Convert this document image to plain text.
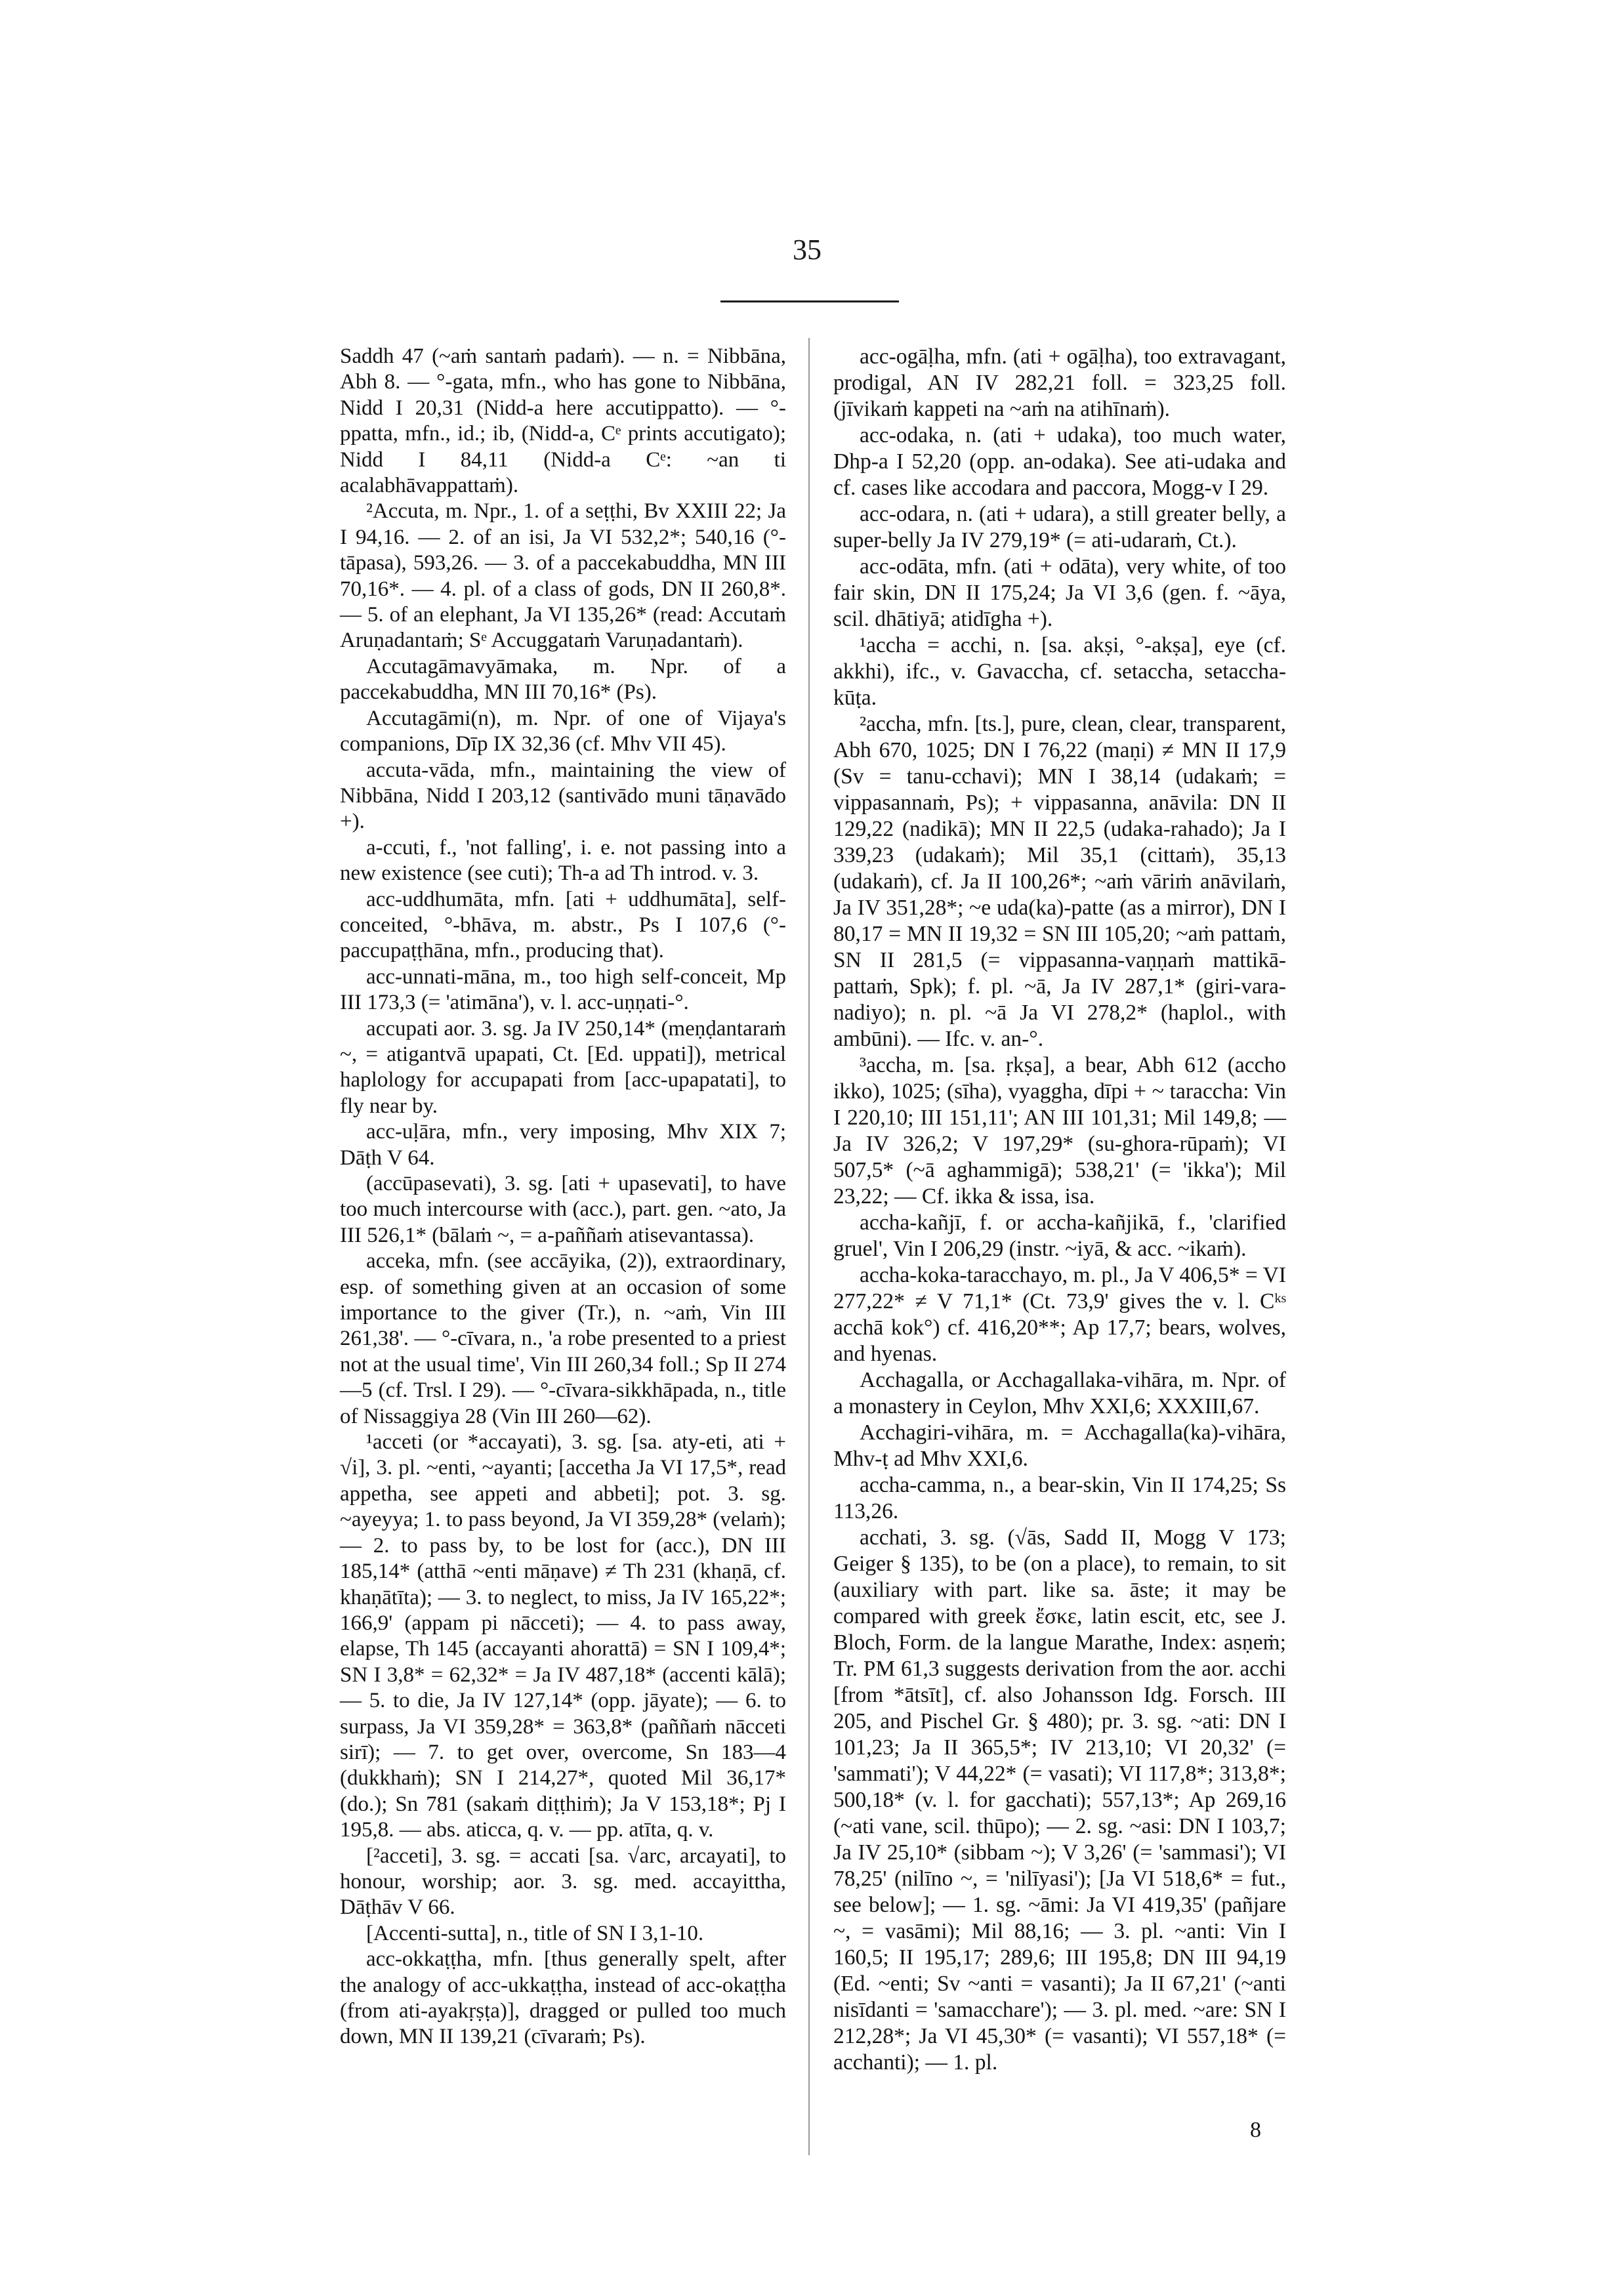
35

Saddh 47 (~aṁ santaṁ padaṁ). — n. = Nibbāna, Abh 8. — °-gata, mfn., who has gone to Nibbāna, Nidd I 20,31 (Nidd-a here accutippatto). — °-ppatta, mfn., id.; ib, (Nidd-a, Cᵉ prints accutigato); Nidd I 84,11 (Nidd-a Cᵉ: ~an ti acalabhāvappattaṁ).

²Accuta, m. Npr., 1. of a seṭṭhi, Bv XXIII 22; Ja I 94,16. — 2. of an isi, Ja VI 532,2*; 540,16 (°-tāpasa), 593,26. — 3. of a paccekabuddha, MN III 70,16*. — 4. pl. of a class of gods, DN II 260,8*. — 5. of an elephant, Ja VI 135,26* (read: Accutaṁ Aruṇadantaṁ; Sᵉ Accuggataṁ Varuṇadantaṁ).

Accutagāmavyāmaka, m. Npr. of a paccekabuddha, MN III 70,16* (Ps).

Accutagāmi(n), m. Npr. of one of Vijaya's companions, Dīp IX 32,36 (cf. Mhv VII 45).

accuta-vāda, mfn., maintaining the view of Nibbāna, Nidd I 203,12 (santivādo muni tāṇavādo +).

a-ccuti, f., 'not falling', i. e. not passing into a new existence (see cuti); Th-a ad Th introd. v. 3.

acc-uddhumāta, mfn. [ati + uddhumāta], self-conceited, °-bhāva, m. abstr., Ps I 107,6 (°-paccupaṭṭhāna, mfn., producing that).

acc-unnati-māna, m., too high self-conceit, Mp III 173,3 (= 'atimāna'), v. l. acc-uṇṇati-°.

accupati aor. 3. sg. Ja IV 250,14* (meṇḍantaraṁ ~, = atigantvā upapati, Ct. [Ed. uppati]), metrical haplology for accupapati from [acc-upapatati], to fly near by.

acc-uḷāra, mfn., very imposing, Mhv XIX 7; Dāṭh V 64.

(accūpasevati), 3. sg. [ati + upasevati], to have too much intercourse with (acc.), part. gen. ~ato, Ja III 526,1* (bālaṁ ~, = a-paññaṁ atisevantassa).

acceka, mfn. (see accāyika, (2)), extraordinary, esp. of something given at an occasion of some importance to the giver (Tr.), n. ~aṁ, Vin III 261,38'. — °-cīvara, n., 'a robe presented to a priest not at the usual time', Vin III 260,34 foll.; Sp II 274—5 (cf. Trsl. I 29). — °-cīvara-sikkhāpada, n., title of Nissaggiya 28 (Vin III 260—62).

¹acceti (or *accayati), 3. sg. [sa. aty-eti, ati + √i], 3. pl. ~enti, ~ayanti; [accetha Ja VI 17,5*, read appetha, see appeti and abbeti]; pot. 3. sg. ~ayeyya; 1. to pass beyond, Ja VI 359,28* (velaṁ); — 2. to pass by, to be lost for (acc.), DN III 185,14* (atthā ~enti māṇave) ≠ Th 231 (khaṇā, cf. khaṇātīta); — 3. to neglect, to miss, Ja IV 165,22*; 166,9' (appam pi nācceti); — 4. to pass away, elapse, Th 145 (accayanti ahorattā) = SN I 109,4*; SN I 3,8* = 62,32* = Ja IV 487,18* (accenti kālā); — 5. to die, Ja IV 127,14* (opp. jāyate); — 6. to surpass, Ja VI 359,28* = 363,8* (paññaṁ nācceti sirī); — 7. to get over, overcome, Sn 183—4 (dukkhaṁ); SN I 214,27*, quoted Mil 36,17* (do.); Sn 781 (sakaṁ diṭṭhiṁ); Ja V 153,18*; Pj I 195,8. — abs. aticca, q. v. — pp. atīta, q. v.

[²acceti], 3. sg. = accati [sa. √arc, arcayati], to honour, worship; aor. 3. sg. med. accayittha, Dāṭhāv V 66.

[Accenti-sutta], n., title of SN I 3,1-10.

acc-okkaṭṭha, mfn. [thus generally spelt, after the analogy of acc-ukkaṭṭha, instead of acc-okaṭṭha (from ati-ayakṛṣṭa)], dragged or pulled too much down, MN II 139,21 (cīvaraṁ; Ps).

acc-ogāḷha, mfn. (ati + ogāḷha), too extravagant, prodigal, AN IV 282,21 foll. = 323,25 foll. (jīvikaṁ kappeti na ~aṁ na atihīnaṁ).

acc-odaka, n. (ati + udaka), too much water, Dhp-a I 52,20 (opp. an-odaka). See ati-udaka and cf. cases like accodara and paccora, Mogg-v I 29.

acc-odara, n. (ati + udara), a still greater belly, a super-belly Ja IV 279,19* (= ati-udaraṁ, Ct.).

acc-odāta, mfn. (ati + odāta), very white, of too fair skin, DN II 175,24; Ja VI 3,6 (gen. f. ~āya, scil. dhātiyā; atidīgha +).

¹accha = acchi, n. [sa. akṣi, °-akṣa], eye (cf. akkhi), ifc., v. Gavaccha, cf. setaccha, setaccha-kūṭa.

²accha, mfn. [ts.], pure, clean, clear, transparent, Abh 670, 1025; DN I 76,22 (maṇi) ≠ MN II 17,9 (Sv = tanu-cchavi); MN I 38,14 (udakaṁ; = vippasannaṁ, Ps); + vippasanna, anāvila: DN II 129,22 (nadikā); MN II 22,5 (udaka-rahado); Ja I 339,23 (udakaṁ); Mil 35,1 (cittaṁ), 35,13 (udakaṁ), cf. Ja II 100,26*; ~aṁ vāriṁ anāvilaṁ, Ja IV 351,28*; ~e uda(ka)-patte (as a mirror), DN I 80,17 = MN II 19,32 = SN III 105,20; ~aṁ pattaṁ, SN II 281,5 (= vippasanna-vaṇṇaṁ mattikā-pattaṁ, Spk); f. pl. ~ā, Ja IV 287,1* (giri-vara-nadiyo); n. pl. ~ā Ja VI 278,2* (haplol., with ambūni). — Ifc. v. an-°.

³accha, m. [sa. ṛkṣa], a bear, Abh 612 (accho ikko), 1025; (sīha), vyaggha, dīpi + ~ taraccha: Vin I 220,10; III 151,11'; AN III 101,31; Mil 149,8; — Ja IV 326,2; V 197,29* (su-ghora-rūpaṁ); VI 507,5* (~ā aghammigā); 538,21' (= 'ikka'); Mil 23,22; — Cf. ikka & issa, isa.

accha-kañjī, f. or accha-kañjikā, f., 'clarified gruel', Vin I 206,29 (instr. ~iyā, & acc. ~ikaṁ).

accha-koka-taracchayo, m. pl., Ja V 406,5* = VI 277,22* ≠ V 71,1* (Ct. 73,9' gives the v. l. Cᵏˢ acchā kok°) cf. 416,20**; Ap 17,7; bears, wolves, and hyenas.

Acchagalla, or Acchagallaka-vihāra, m. Npr. of a monastery in Ceylon, Mhv XXI,6; XXXIII,67.

Acchagiri-vihāra, m. = Acchagalla(ka)-vihāra, Mhv-ṭ ad Mhv XXI,6.

accha-camma, n., a bear-skin, Vin II 174,25; Ss 113,26.

acchati, 3. sg. (√ās, Sadd II, Mogg V 173; Geiger § 135), to be (on a place), to remain, to sit (auxiliary with part. like sa. āste; it may be compared with greek ἔσκε, latin escit, etc, see J. Bloch, Form. de la langue Marathe, Index: asṇeṁ; Tr. PM 61,3 suggests derivation from the aor. acchi [from *ātsīt], cf. also Johansson Idg. Forsch. III 205, and Pischel Gr. § 480); pr. 3. sg. ~ati: DN I 101,23; Ja II 365,5*; IV 213,10; VI 20,32' (= 'sammati'); V 44,22* (= vasati); VI 117,8*; 313,8*; 500,18* (v. l. for gacchati); 557,13*; Ap 269,16 (~ati vane, scil. thūpo); — 2. sg. ~asi: DN I 103,7; Ja IV 25,10* (sibbam ~); V 3,26' (= 'sammasi'); VI 78,25' (nilīno ~, = 'nilīyasi'); [Ja VI 518,6* = fut., see below]; — 1. sg. ~āmi: Ja VI 419,35' (pañjare ~, = vasāmi); Mil 88,16; — 3. pl. ~anti: Vin I 160,5; II 195,17; 289,6; III 195,8; DN III 94,19 (Ed. ~enti; Sv ~anti = vasanti); Ja II 67,21' (~anti nisīdanti = 'samacchare'); — 3. pl. med. ~are: SN I 212,28*; Ja VI 45,30* (= vasanti); VI 557,18* (= acchanti); — 1. pl.

8
